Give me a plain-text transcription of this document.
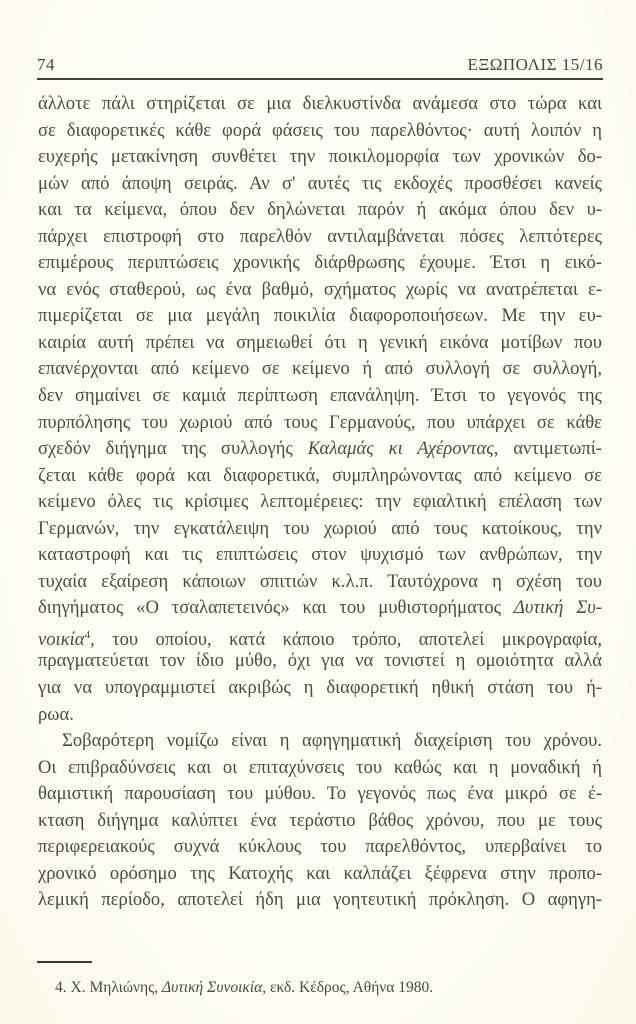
74	ΕΞΩΠΟΛΙΣ 15/16
άλλοτε πάλι στηρίζεται σε μια διελκυστίνδα ανάμεσα στο τώρα και
σε διαφορετικές κάθε φορά φάσεις του παρελθόντος· αυτή λοιπόν η
ευχερής μετακίνηση συνθέτει την ποικιλομορφία των χρονικών δο-
μών από άποψη σειράς. Αν σ' αυτές τις εκδοχές προσθέσει κανείς
και τα κείμενα, όπου δεν δηλώνεται παρόν ή ακόμα όπου δεν υ-
πάρχει επιστροφή στο παρελθόν αντιλαμβάνεται πόσες λεπτότερες
επιμέρους περιπτώσεις χρονικής διάρθρωσης έχουμε. Έτσι η εικό-
να ενός σταθερού, ως ένα βαθμό, σχήματος χωρίς να ανατρέπεται ε-
πιμερίζεται σε μια μεγάλη ποικιλία διαφοροποιήσεων. Με την ευ-
καιρία αυτή πρέπει να σημειωθεί ότι η γενική εικόνα μοτίβων που
επανέρχονται από κείμενο σε κείμενο ή από συλλογή σε συλλογή,
δεν σημαίνει σε καμιά περίπτωση επανάληψη. Έτσι το γεγονός της
πυρπόλησης του χωριού από τους Γερμανούς, που υπάρχει σε κάθε
σχεδόν διήγημα της συλλογής Καλαμάς κι Αχέροντας, αντιμετωπί-
ζεται κάθε φορά και διαφορετικά, συμπληρώνοντας από κείμενο σε
κείμενο όλες τις κρίσιμες λεπτομέρειες: την εφιαλτική επέλαση των
Γερμανών, την εγκατάλειψη του χωριού από τους κατοίκους, την
καταστροφή και τις επιπτώσεις στον ψυχισμό των ανθρώπων, την
τυχαία εξαίρεση κάποιων σπιτιών κ.λ.π. Ταυτόχρονα η σχέση του
διηγήματος «Ο τσαλαπετεινός» και του μυθιστορήματος Δυτική Συ-
νοικία$^4$, του οποίου, κατά κάποιο τρόπο, αποτελεί μικρογραφία,
πραγματεύεται τον ίδιο μύθο, όχι για να τονιστεί η ομοιότητα αλλά
για να υπογραμμιστεί ακριβώς η διαφορετική ηθική στάση του ή-
ρωα.
Σοβαρότερη νομίζω είναι η αφηγηματική διαχείριση του χρόνου.
Οι επιβραδύνσεις και οι επιταχύνσεις του καθώς και η μοναδική ή
θαμιστική παρουσίαση του μύθου. Το γεγονός πως ένα μικρό σε έ-
κταση διήγημα καλύπτει ένα τεράστιο βάθος χρόνου, που με τους
περιφερειακούς συχνά κύκλους του παρελθόντος, υπερβαίνει το
χρονικό ορόσημο της Κατοχής και καλπάζει ξέφρενα στην προπο-
λεμική περίοδο, αποτελεί ήδη μια γοητευτική πρόκληση. Ο αφηγη-
4. Χ. Μηλιώνης, Δυτική Συνοικία, εκδ. Κέδρος, Αθήνα 1980.
